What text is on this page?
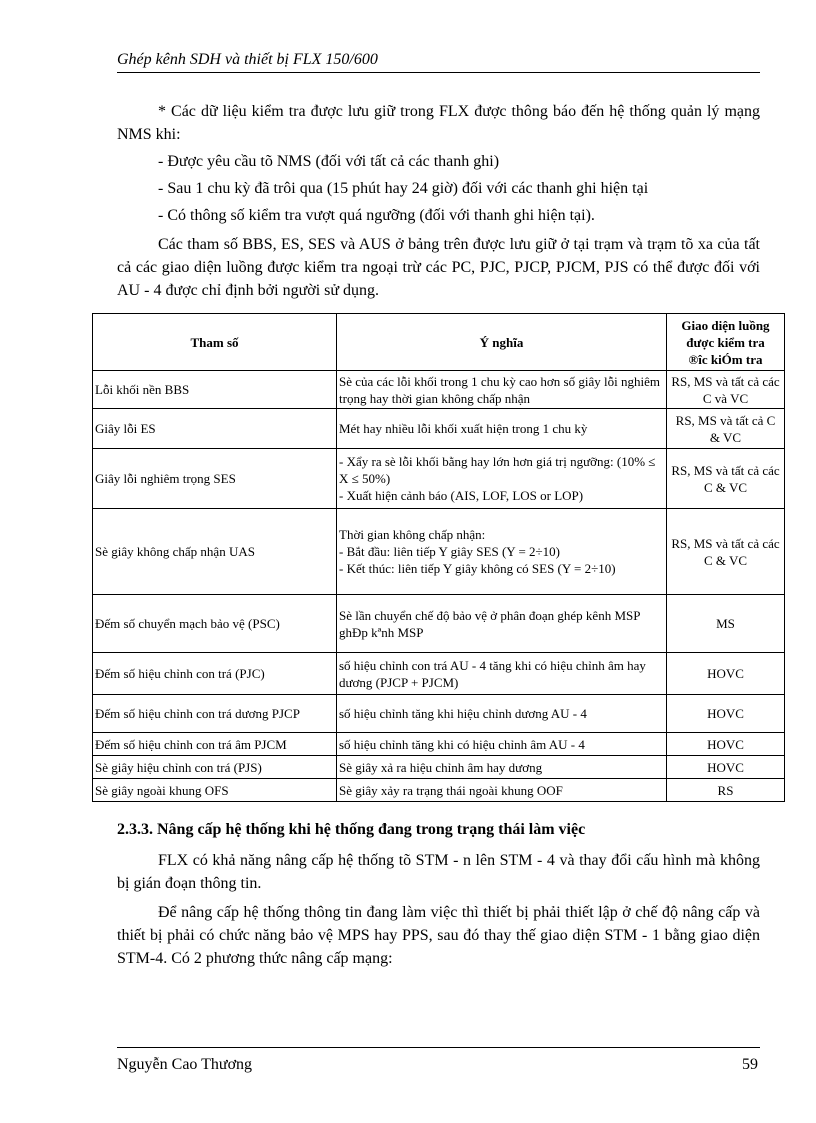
Ghép kênh SDH và thiết bị FLX 150/600

* Các dữ liệu kiểm tra được lưu giữ trong FLX được thông báo đến hệ thống quản lý mạng NMS khi:

- Được yêu cầu tõ NMS (đối với tất cả các thanh ghi)

- Sau 1 chu kỳ đã trôi qua (15 phút hay 24 giờ) đối với các thanh ghi hiện tại

- Có thông số kiểm tra vượt quá ngưỡng (đối với thanh ghi hiện tại).

Các tham số BBS, ES, SES và AUS ở bảng trên được lưu giữ ở tại trạm và trạm tõ xa của tất cả các giao diện luồng được kiểm tra ngoại trừ các PC, PJC, PJCP, PJCM, PJS có thể được đối với AU - 4 được chỉ định bởi người sử dụng.

Tham số	Ý nghĩa	Giao diện luồng
được kiểm tra
®îc kiÓm tra

Lỗi khối nền BBS	Sè của các lỗi khối trong 1 chu kỳ cao hơn số giây lỗi nghiêm trọng hay thời gian không chấp nhận	RS, MS và tất cả các C và VC
Giây lỗi ES	Mét hay nhiều lỗi khối xuất hiện trong 1 chu kỳ	RS, MS và tất cả C & VC
Giây lỗi nghiêm trọng SES	- Xẩy ra sè lỗi khối bằng hay lớn hơn giá trị ngưỡng: (10% ≤ X ≤ 50%)
- Xuất hiện cảnh báo (AIS, LOF, LOS or LOP)	RS, MS và tất cả các C & VC
Sè giây không chấp nhận UAS	Thời gian không chấp nhận:
- Bắt đầu: liên tiếp Y giây SES (Y = 2÷10)
- Kết thúc: liên tiếp Y giây không có SES (Y = 2÷10)	RS, MS và tất cả các C & VC
Đếm số chuyển mạch bảo vệ (PSC)	Sè lần chuyển chế độ bảo vệ ở phân đoạn ghép kênh MSP
ghÐp kªnh MSP	MS
Đếm số hiệu chỉnh con trá (PJC)	số hiệu chỉnh con trá AU - 4 tăng khi có hiệu chỉnh âm hay dương (PJCP + PJCM)	HOVC
Đếm số hiệu chỉnh con trá dương PJCP	số hiệu chỉnh tăng khi hiệu chỉnh dương AU - 4	HOVC
Đếm số hiệu chỉnh con trá âm PJCM	số hiệu chỉnh tăng khi có hiệu chỉnh âm AU - 4	HOVC
Sè giây hiệu chỉnh con trá (PJS)	Sè giây xả ra hiệu chỉnh âm hay dương	HOVC
Sè giây ngoài khung OFS	Sè giây xảy ra trạng thái ngoài khung OOF	RS
2.3.3. Nâng cấp hệ thống khi hệ thống đang trong trạng thái làm việc

FLX có khả năng nâng cấp hệ thống tõ STM - n lên STM - 4 và thay đổi cấu hình mà không bị gián đoạn thông tin.

Để nâng cấp hệ thống thông tin đang làm việc thì thiết bị phải thiết lập ở chế độ nâng cấp và thiết bị phải có chức năng bảo vệ MPS hay PPS, sau đó thay thế giao diện STM - 1 bằng giao diện STM-4. Có 2 phương thức nâng cấp mạng:

Nguyễn Cao Thương	59
